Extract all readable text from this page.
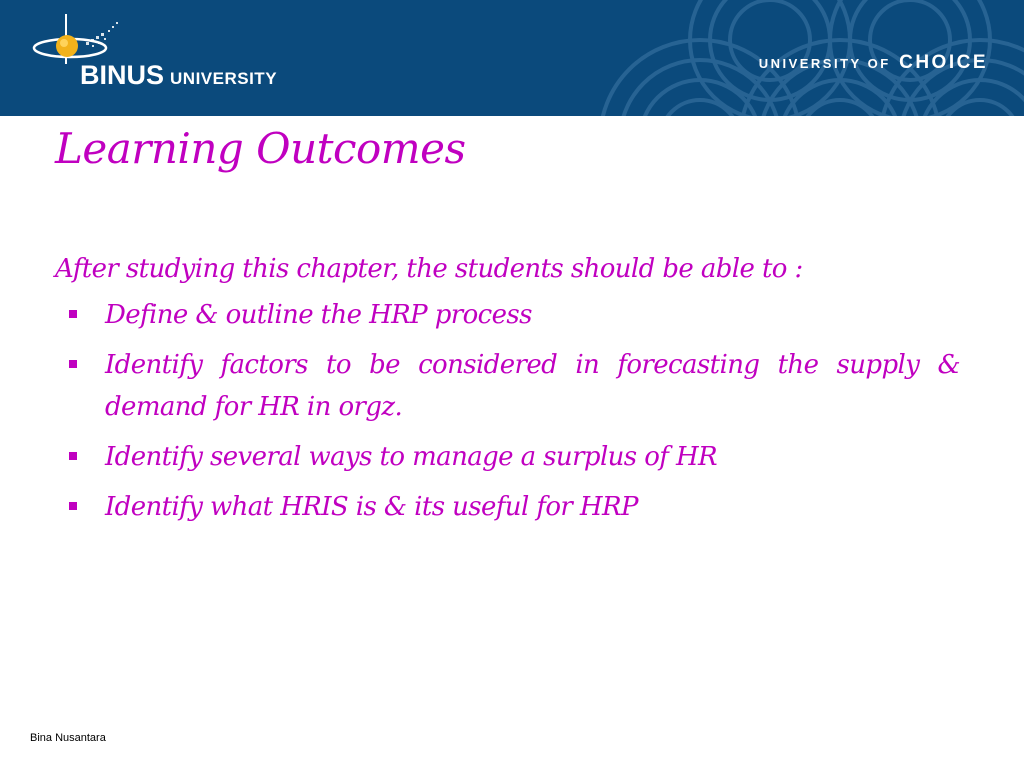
BINUS UNIVERSITY
UNIVERSITY OF CHOICE
Learning Outcomes

After studying this chapter, the students should be able to :

Define & outline the HRP process
Identify factors to be considered in forecasting the supply & demand for HR in orgz.
Identify several ways to manage a surplus of HR
Identify what HRIS is & its useful for HRP
Bina Nusantara
